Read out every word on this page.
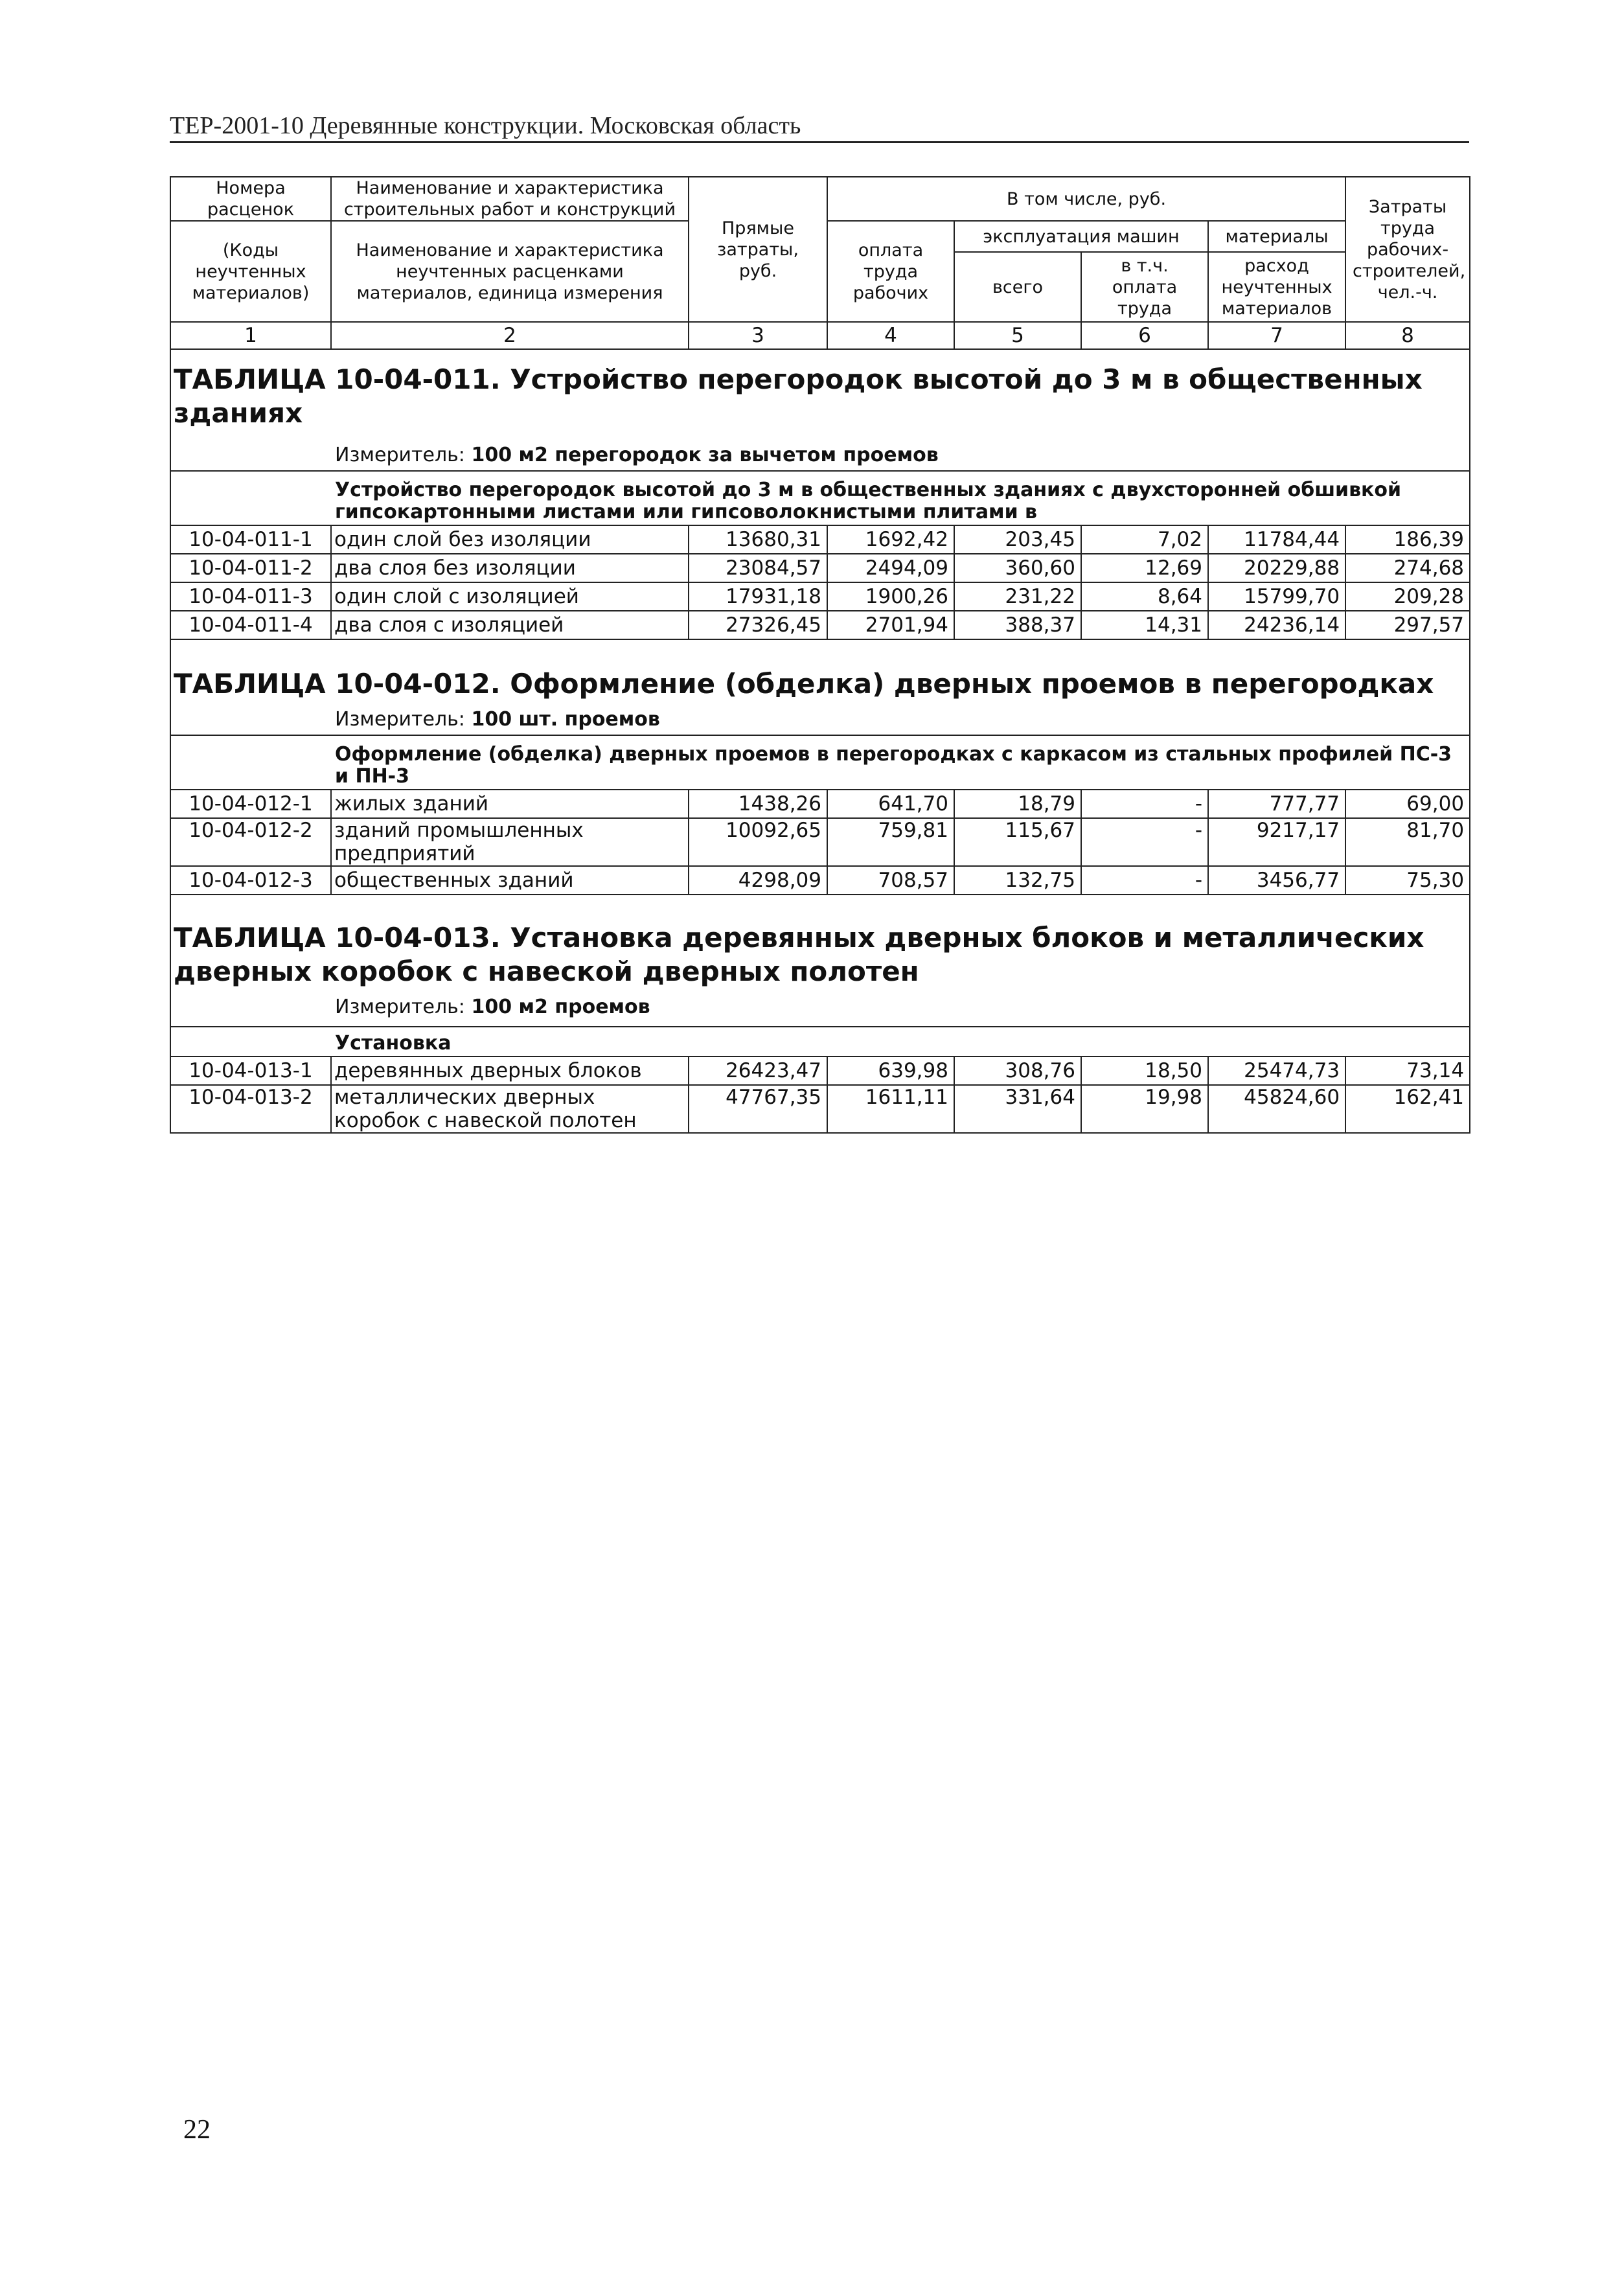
ТЕР-2001-10 Деревянные конструкции. Московская область
Номера расценок	Наименование и характеристика строительных работ и конструкций	Прямые затраты, руб.	В том числе, руб.				Затраты труда рабочих-строителей, чел.-ч.
(Коды неучтенных материалов)	Наименование и характеристика неучтенных расценками материалов, единица измерения		оплата труда рабочих	эксплуатация машин		материалы	
				всего	в т.ч. оплата труда	расход неучтенных материалов	
1	2	3	4	5	6	7	8
ТАБЛИЦА 10-04-011. Устройство перегородок высотой до 3 м в общественных зданиях							
	Измеритель: 100 м2 перегородок за вычетом проемов						
	Устройство перегородок высотой до 3 м в общественных зданиях с двухсторонней обшивкой гипсокартонными листами или гипсоволокнистыми плитами в						
10-04-011-1	один слой без изоляции	13680,31	1692,42	203,45	7,02	11784,44	186,39
10-04-011-2	два слоя без изоляции	23084,57	2494,09	360,60	12,69	20229,88	274,68
10-04-011-3	один слой с изоляцией	17931,18	1900,26	231,22	8,64	15799,70	209,28
10-04-011-4	два слоя с изоляцией	27326,45	2701,94	388,37	14,31	24236,14	297,57
ТАБЛИЦА 10-04-012. Оформление (обделка) дверных проемов в перегородках							
	Измеритель: 100 шт. проемов						
	Оформление (обделка) дверных проемов в перегородках с каркасом из стальных профилей ПС-3 и ПН-3						
10-04-012-1	жилых зданий	1438,26	641,70	18,79	-	777,77	69,00
10-04-012-2	зданий промышленных предприятий	10092,65	759,81	115,67	-	9217,17	81,70
10-04-012-3	общественных зданий	4298,09	708,57	132,75	-	3456,77	75,30
ТАБЛИЦА 10-04-013. Установка деревянных дверных блоков и металлических дверных коробок с навеской дверных полотен							
	Измеритель: 100 м2 проемов						
	Установка						
10-04-013-1	деревянных дверных блоков	26423,47	639,98	308,76	18,50	25474,73	73,14
10-04-013-2	металлических дверных коробок с навеской полотен	47767,35	1611,11	331,64	19,98	45824,60	162,41
22
